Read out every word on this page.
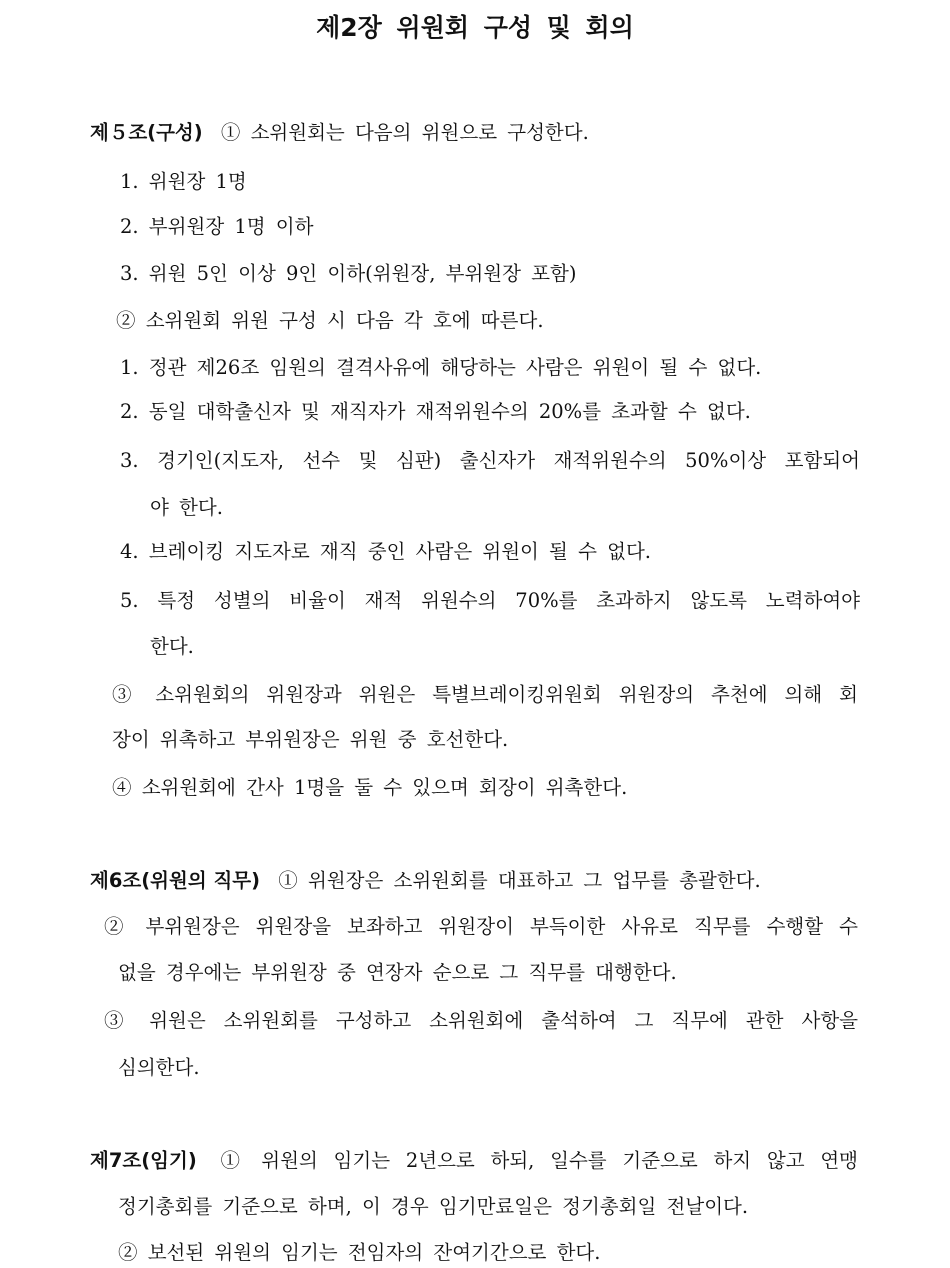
제2장 위원회 구성 및 회의
제５조(구성) ① 소위원회는 다음의 위원으로 구성한다.
1. 위원장 1명
2. 부위원장 1명 이하
3. 위원 5인 이상 9인 이하(위원장, 부위원장 포함)
② 소위원회 위원 구성 시 다음 각 호에 따른다.
1. 정관 제26조 임원의 결격사유에 해당하는 사람은 위원이 될 수 없다.
2. 동일 대학출신자 및 재직자가 재적위원수의 20%를 초과할 수 없다.
3. 경기인(지도자, 선수 및 심판) 출신자가 재적위원수의 50%이상 포함되어
야 한다.
4. 브레이킹 지도자로 재직 중인 사람은 위원이 될 수 없다.
5. 특정 성별의 비율이 재적 위원수의 70%를 초과하지 않도록 노력하여야
한다.
③ 소위원회의 위원장과 위원은 특별브레이킹위원회 위원장의 추천에 의해 회
장이 위촉하고 부위원장은 위원 중 호선한다.
④ 소위원회에 간사 1명을 둘 수 있으며 회장이 위촉한다.
제6조(위원의 직무) ① 위원장은 소위원회를 대표하고 그 업무를 총괄한다.
② 부위원장은 위원장을 보좌하고 위원장이 부득이한 사유로 직무를 수행할 수
없을 경우에는 부위원장 중 연장자 순으로 그 직무를 대행한다.
③ 위원은 소위원회를 구성하고 소위원회에 출석하여 그 직무에 관한 사항을
심의한다.
제7조(임기) ① 위원의 임기는 2년으로 하되, 일수를 기준으로 하지 않고 연맹
정기총회를 기준으로 하며, 이 경우 임기만료일은 정기총회일 전날이다.
② 보선된 위원의 임기는 전임자의 잔여기간으로 한다.
